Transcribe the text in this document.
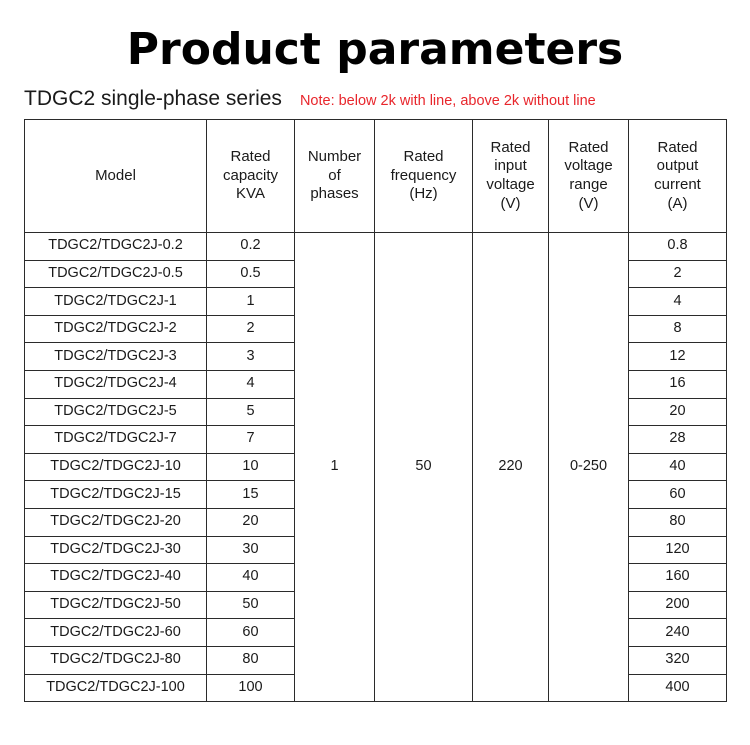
Product parameters
TDGC2 single-phase series Note: below 2k with line, above 2k without line
Model	Rated
capacity
KVA	Number
of
phases	Rated
frequency
(Hz)	Rated
input
voltage
(V)	Rated
voltage
range
(V)	Rated
output
current
(A)
TDGC2/TDGC2J-0.2	0.2	1	50	220	0-250	0.8
TDGC2/TDGC2J-0.5	0.5					2
TDGC2/TDGC2J-1	1					4
TDGC2/TDGC2J-2	2					8
TDGC2/TDGC2J-3	3					12
TDGC2/TDGC2J-4	4					16
TDGC2/TDGC2J-5	5					20
TDGC2/TDGC2J-7	7					28
TDGC2/TDGC2J-10	10					40
TDGC2/TDGC2J-15	15					60
TDGC2/TDGC2J-20	20					80
TDGC2/TDGC2J-30	30					120
TDGC2/TDGC2J-40	40					160
TDGC2/TDGC2J-50	50					200
TDGC2/TDGC2J-60	60					240
TDGC2/TDGC2J-80	80					320
TDGC2/TDGC2J-100	100					400
